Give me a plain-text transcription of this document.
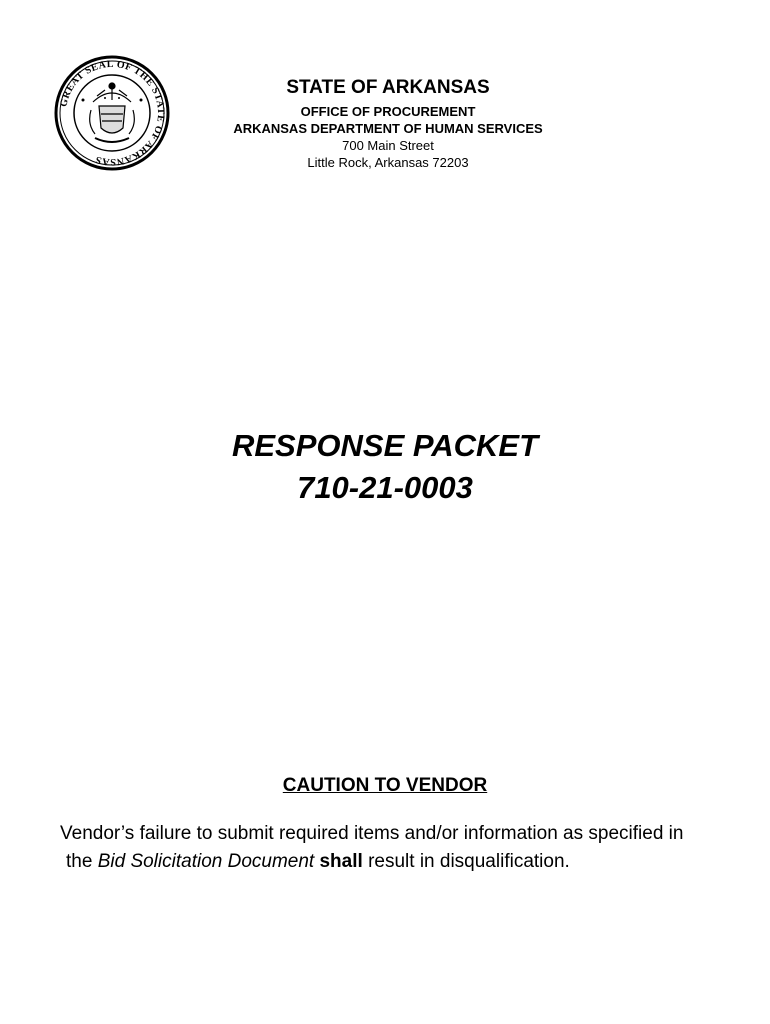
GREAT SEAL OF THE STATE OF ARKANSAS
STATE OF ARKANSAS
OFFICE OF PROCUREMENT
ARKANSAS DEPARTMENT OF HUMAN SERVICES
700 Main Street
Little Rock, Arkansas 72203
RESPONSE PACKET
710-21-0003
CAUTION TO VENDOR
Vendor’s failure to submit required items and/or information as specified in
the Bid Solicitation Document shall result in disqualification.
